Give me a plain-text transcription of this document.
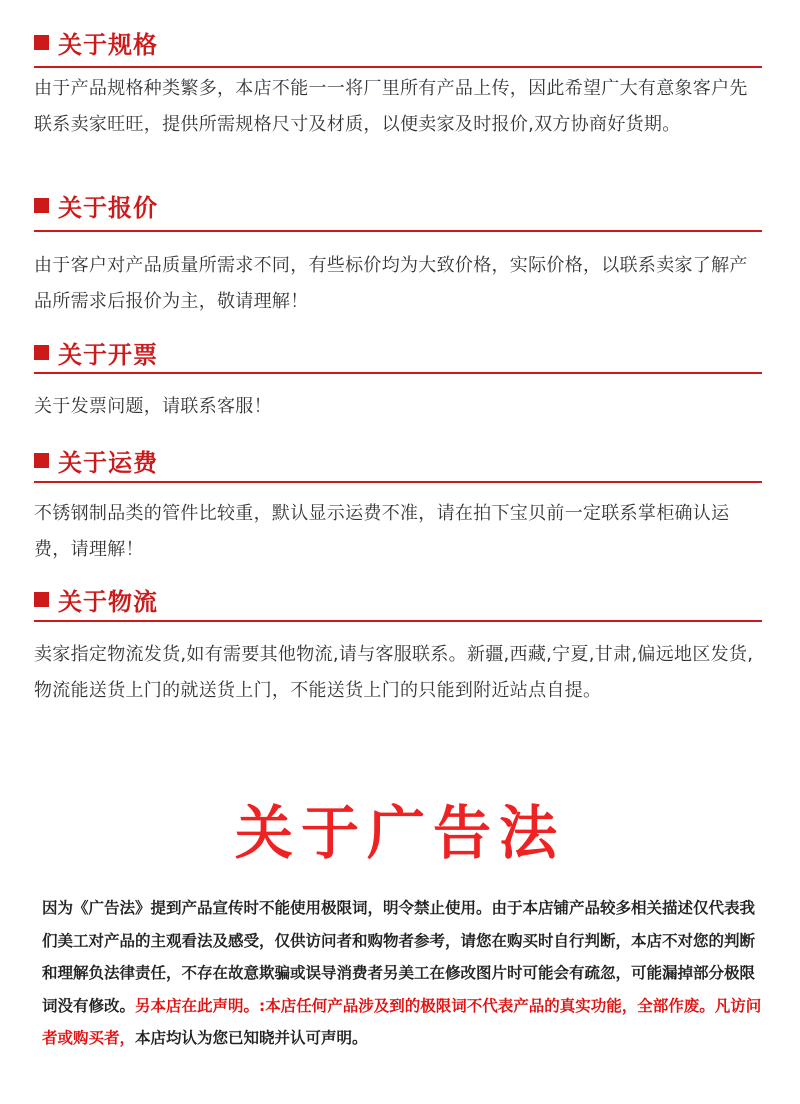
关于规格
由于产品规格种类繁多，本店不能一一将厂里所有产品上传，因此希望广大有意象客户先联系卖家旺旺，提供所需规格尺寸及材质，以便卖家及时报价,双方协商好货期。
关于报价
由于客户对产品质量所需求不同，有些标价均为大致价格，实际价格，以联系卖家了解产品所需求后报价为主，敬请理解！
关于开票
关于发票问题，请联系客服！
关于运费
不锈钢制品类的管件比较重，默认显示运费不准，请在拍下宝贝前一定联系掌柜确认运费，请理解！
关于物流
卖家指定物流发货,如有需要其他物流,请与客服联系。新疆,西藏,宁夏,甘肃,偏远地区发货,物流能送货上门的就送货上门，不能送货上门的只能到附近站点自提。
关于广告法
因为《广告法》提到产品宣传时不能使用极限词，明令禁止使用。由于本店铺产品较多相关描述仅代表我们美工对产品的主观看法及感受，仅供访问者和购物者参考，请您在购买时自行判断，本店不对您的判断和理解负法律责任，不存在故意欺骗或误导消费者另美工在修改图片时可能会有疏忽，可能漏掉部分极限词没有修改。另本店在此声明。:本店任何产品涉及到的极限词不代表产品的真实功能，全部作废。凡访问者或购买者，本店均认为您已知晓并认可声明。
